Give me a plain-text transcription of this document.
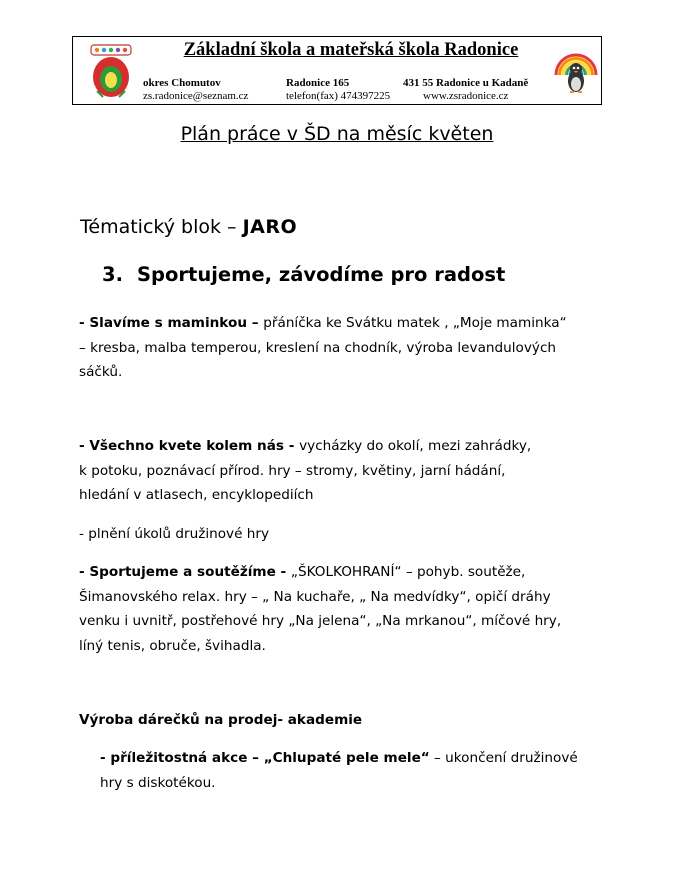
Základní škola a mateřská škola Radonice
okres Chomutov	Radonice 165	431 55 Radonice u Kadaně
zs.radonice@seznam.cz	telefon(fax) 474397225	www.zsradonice.cz
Plán práce v ŠD na měsíc květen
Tématický blok – JARO
3. Sportujeme, závodíme pro radost
- Slavíme s maminkou – přáníčka ke Svátku matek , „Moje maminka“
– kresba, malba temperou, kreslení na chodník, výroba levandulových
sáčků.
- Všechno kvete kolem nás - vycházky do okolí, mezi zahrádky,
k potoku, poznávací přírod. hry – stromy, květiny, jarní hádání,
hledání v atlasech, encyklopediích
- plnění úkolů družinové hry
- Sportujeme a soutěžíme - „ŠKOLKOHRANÍ“ – pohyb. soutěže,
Šimanovského relax. hry – „ Na kuchaře, „ Na medvídky“, opičí dráhy
venku i uvnitř, postřehové hry „Na jelena“, „Na mrkanou“, míčové hry,
líný tenis, obruče, švihadla.
Výroba dárečků na prodej- akademie
- příležitostná akce – „Chlupaté pele mele“ – ukončení družinové
hry s diskotékou.
